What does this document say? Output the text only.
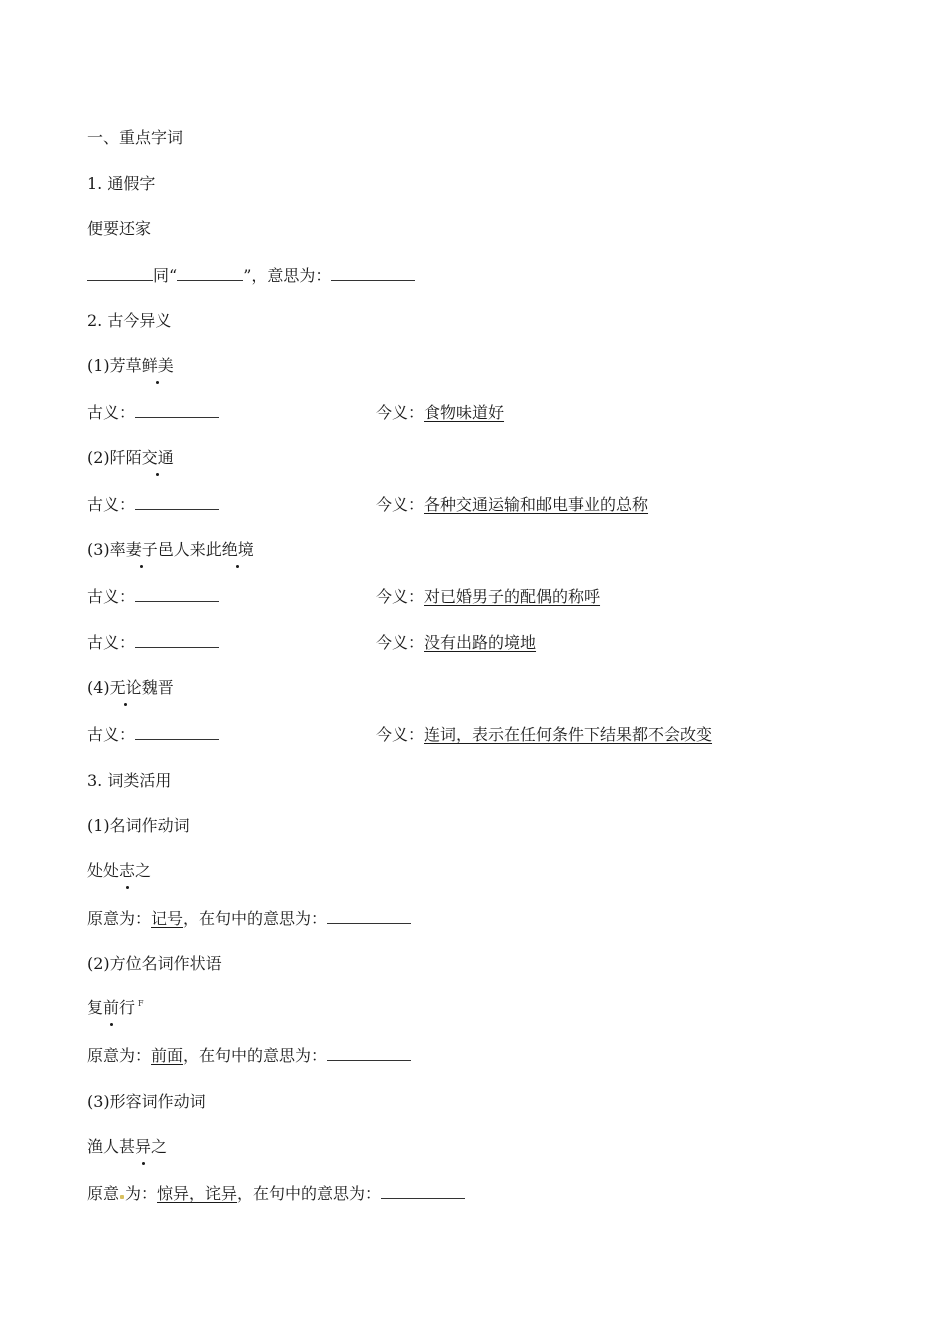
一、重点字词
1. 通假字
便要还家
同“	”，意思为：
2. 古今异义
(1)芳草鲜美
古义：	今义：食物味道好
(2)阡陌交通
古义：	今义：各种交通运输和邮电事业的总称
(3)率妻子邑人来此绝境
古义：	今义：对已婚男子的配偶的称呼
古义：	今义：没有出路的境地
(4)无论魏晋
古义：	今义：连词，表示在任何条件下结果都不会改变
3. 词类活用
(1)名词作动词
处处志之
原意为：记号，在句中的意思为：
(2)方位名词作状语
复前行 $^F$
原意为：前面，在句中的意思为：
(3)形容词作动词
渔人甚异之
原意 为：惊异，诧异，在句中的意思为：
